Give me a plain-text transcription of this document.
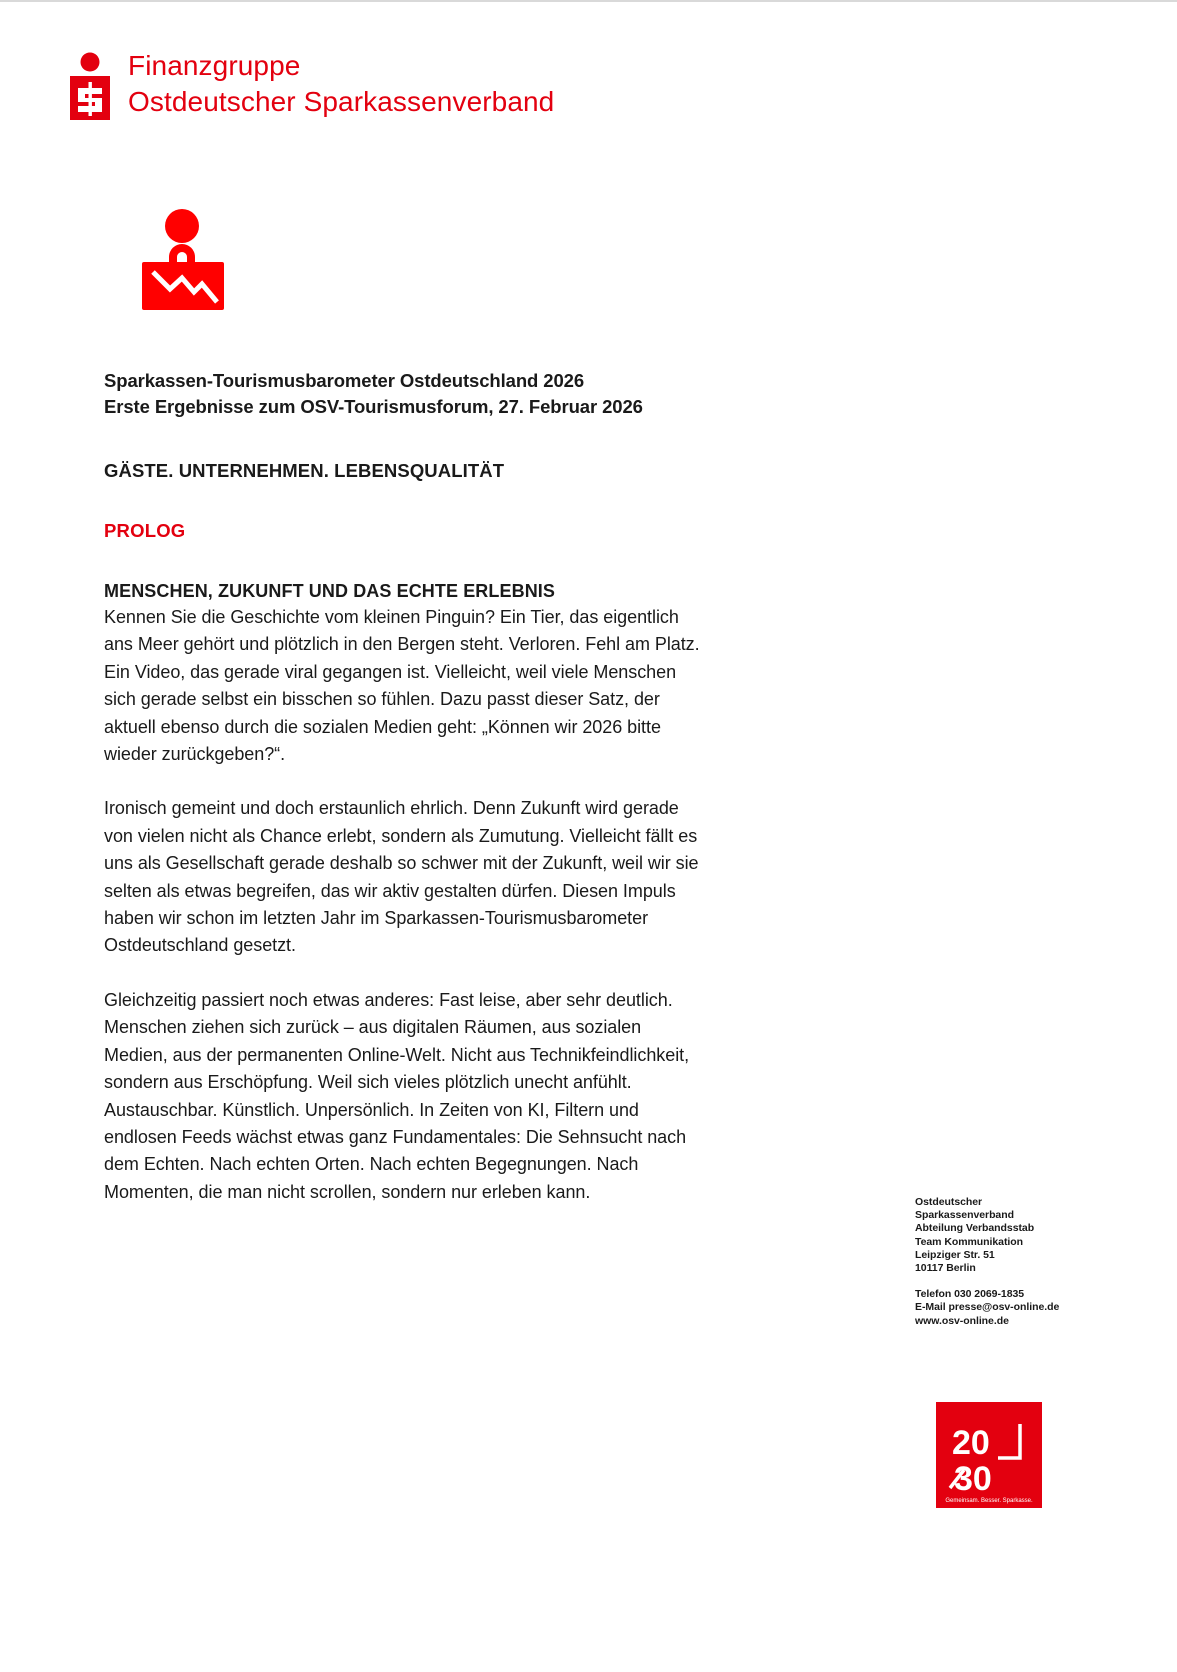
Finanzgruppe
Ostdeutscher Sparkassenverband
Sparkassen-Tourismusbarometer Ostdeutschland 2026
Erste Ergebnisse zum OSV-Tourismusforum, 27. Februar 2026

GÄSTE. UNTERNEHMEN. LEBENSQUALITÄT

PROLOG

MENSCHEN, ZUKUNFT UND DAS ECHTE ERLEBNIS

Kennen Sie die Geschichte vom kleinen Pinguin? Ein Tier, das eigentlich ans Meer gehört und plötzlich in den Bergen steht. Verloren. Fehl am Platz. Ein Video, das gerade viral gegangen ist. Vielleicht, weil viele Menschen sich gerade selbst ein bisschen so fühlen. Dazu passt dieser Satz, der aktuell ebenso durch die sozialen Medien geht: „Können wir 2026 bitte wieder zurückgeben?“.

Ironisch gemeint und doch erstaunlich ehrlich. Denn Zukunft wird gerade von vielen nicht als Chance erlebt, sondern als Zumutung. Vielleicht fällt es uns als Gesellschaft gerade deshalb so schwer mit der Zukunft, weil wir sie selten als etwas begreifen, das wir aktiv gestalten dürfen. Diesen Impuls haben wir schon im letzten Jahr im Sparkassen-Tourismusbarometer Ostdeutschland gesetzt.

Gleichzeitig passiert noch etwas anderes: Fast leise, aber sehr deutlich. Menschen ziehen sich zurück – aus digitalen Räumen, aus sozialen Medien, aus der permanenten Online-Welt. Nicht aus Technikfeindlichkeit, sondern aus Erschöpfung. Weil sich vieles plötzlich unecht anfühlt. Austauschbar. Künstlich. Unpersönlich. In Zeiten von KI, Filtern und endlosen Feeds wächst etwas ganz Fundamentales: Die Sehnsucht nach dem Echten. Nach echten Orten. Nach echten Begegnungen. Nach Momenten, die man nicht scrollen, sondern nur erleben kann.

Ostdeutscher
Sparkassenverband
Abteilung Verbandsstab
Team Kommunikation
Leipziger Str. 51
10117 Berlin
Telefon 030 2069-1835
E-Mail presse@osv-online.de
www.osv-online.de
20
30
Gemeinsam. Besser. Sparkasse.
